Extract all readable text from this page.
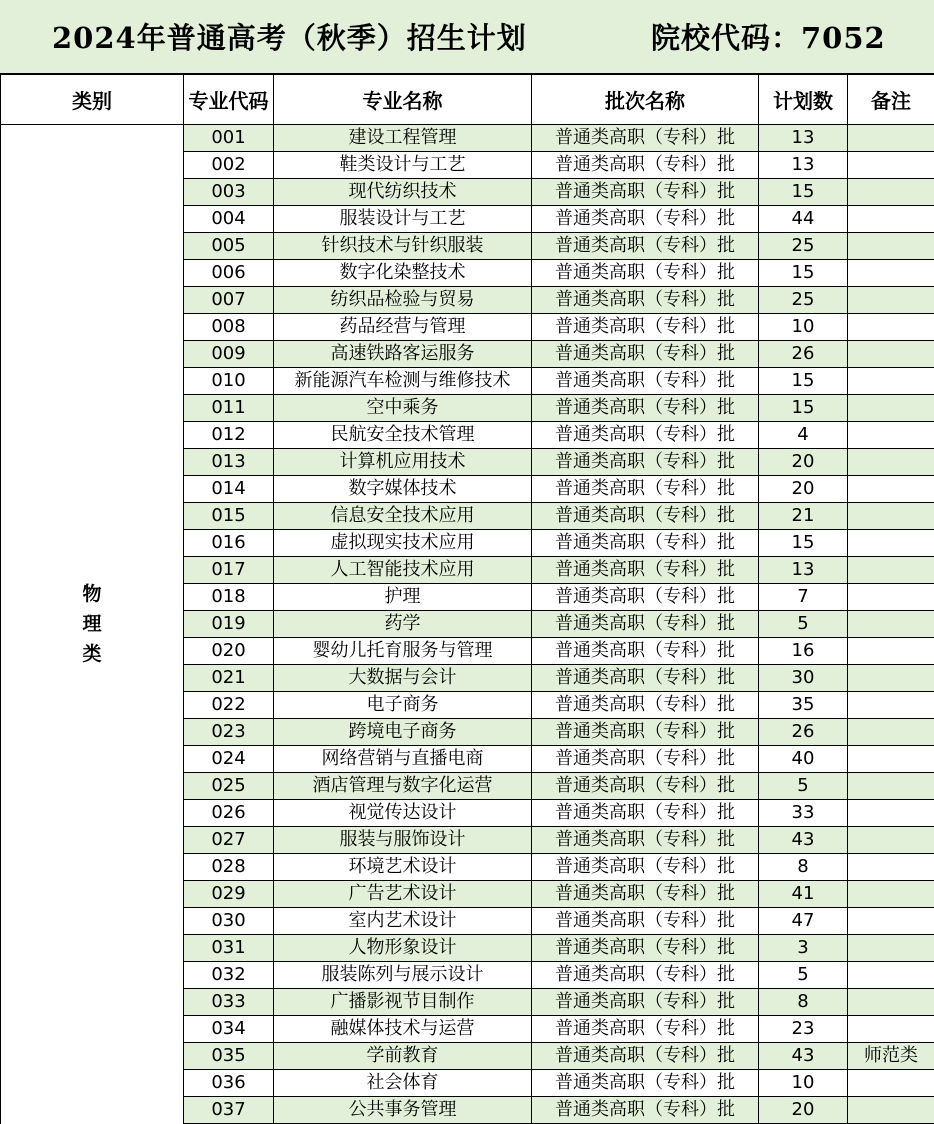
2024年普通高考（秋季）招生计划	院校代码：7052
类别	专业代码	专业名称	批次名称	计划数	备注
物理类	001	建设工程管理	普通类高职（专科）批	13	
	002	鞋类设计与工艺	普通类高职（专科）批	13	
	003	现代纺织技术	普通类高职（专科）批	15	
	004	服装设计与工艺	普通类高职（专科）批	44	
	005	针织技术与针织服装	普通类高职（专科）批	25	
	006	数字化染整技术	普通类高职（专科）批	15	
	007	纺织品检验与贸易	普通类高职（专科）批	25	
	008	药品经营与管理	普通类高职（专科）批	10	
	009	高速铁路客运服务	普通类高职（专科）批	26	
	010	新能源汽车检测与维修技术	普通类高职（专科）批	15	
	011	空中乘务	普通类高职（专科）批	15	
	012	民航安全技术管理	普通类高职（专科）批	4	
	013	计算机应用技术	普通类高职（专科）批	20	
	014	数字媒体技术	普通类高职（专科）批	20	
	015	信息安全技术应用	普通类高职（专科）批	21	
	016	虚拟现实技术应用	普通类高职（专科）批	15	
	017	人工智能技术应用	普通类高职（专科）批	13	
	018	护理	普通类高职（专科）批	7	
	019	药学	普通类高职（专科）批	5	
	020	婴幼儿托育服务与管理	普通类高职（专科）批	16	
	021	大数据与会计	普通类高职（专科）批	30	
	022	电子商务	普通类高职（专科）批	35	
	023	跨境电子商务	普通类高职（专科）批	26	
	024	网络营销与直播电商	普通类高职（专科）批	40	
	025	酒店管理与数字化运营	普通类高职（专科）批	5	
	026	视觉传达设计	普通类高职（专科）批	33	
	027	服装与服饰设计	普通类高职（专科）批	43	
	028	环境艺术设计	普通类高职（专科）批	8	
	029	广告艺术设计	普通类高职（专科）批	41	
	030	室内艺术设计	普通类高职（专科）批	47	
	031	人物形象设计	普通类高职（专科）批	3	
	032	服装陈列与展示设计	普通类高职（专科）批	5	
	033	广播影视节目制作	普通类高职（专科）批	8	
	034	融媒体技术与运营	普通类高职（专科）批	23	
	035	学前教育	普通类高职（专科）批	43	师范类
	036	社会体育	普通类高职（专科）批	10	
	037	公共事务管理	普通类高职（专科）批	20	
